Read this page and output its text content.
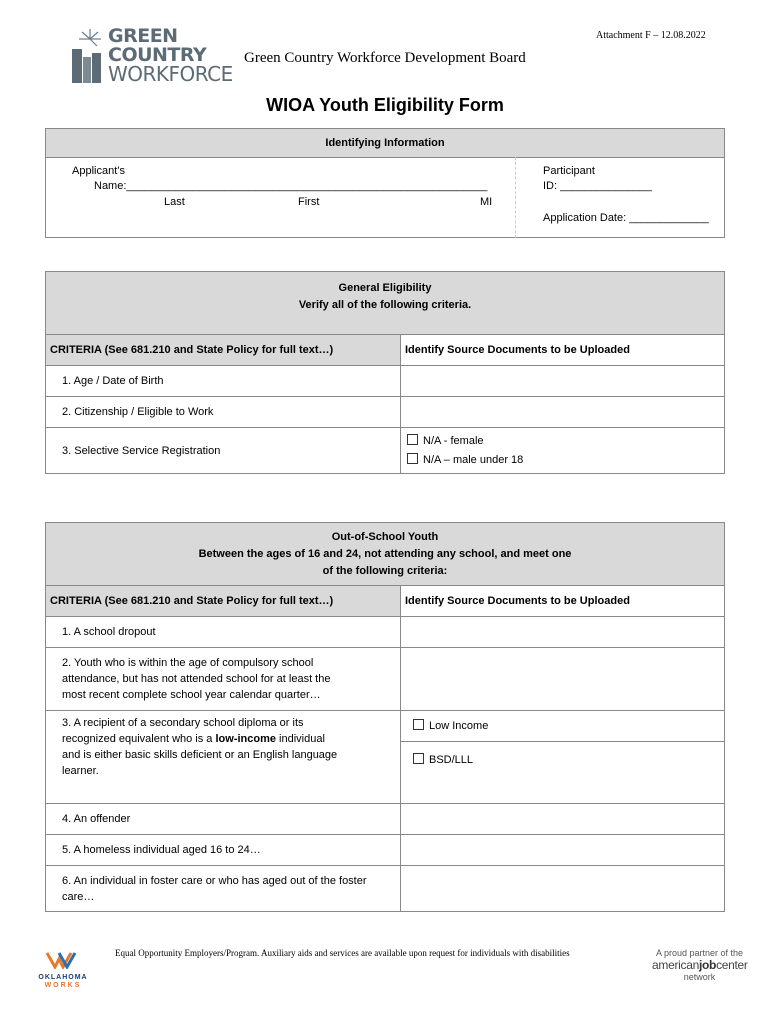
GREEN
COUNTRY
WORKFORCE
Attachment F – 12.08.2022
Green Country Workforce Development Board
WIOA Youth Eligibility Form
Identifying Information
Applicant’s
Name:___________________________________________________________
Last	First	MI
Participant
ID: _______________
Application Date: _____________
General Eligibility
Verify all of the following criteria.
CRITERIA (See 681.210 and State Policy for full text…)	Identify Source Documents to be Uploaded
1. Age / Date of Birth	
2. Citizenship / Eligible to Work	
3. Selective Service Registration	N/A - female
N/A – male under 18
Out-of-School Youth
Between the ages of 16 and 24, not attending any school, and meet one
of the following criteria:
CRITERIA (See 681.210 and State Policy for full text…)	Identify Source Documents to be Uploaded
1. A school dropout	

2. Youth who is within the age of compulsory school
attendance, but has not attended school for at least the
most recent complete school year calendar quarter…	

3. A recipient of a secondary school diploma or its
recognized equivalent who is a low-income individual
and is either basic skills deficient or an English language
learner.	Low Income
	BSD/LLL
4. An offender	
5. A homeless individual aged 16 to 24…	

6. An individual in foster care or who has aged out of the foster
care…	

OKLAHOMA
WORKS
Equal Opportunity Employers/Program. Auxiliary aids and services are available upon request for individuals with disabilities	A proud partner of the
americanjobcenter
network
